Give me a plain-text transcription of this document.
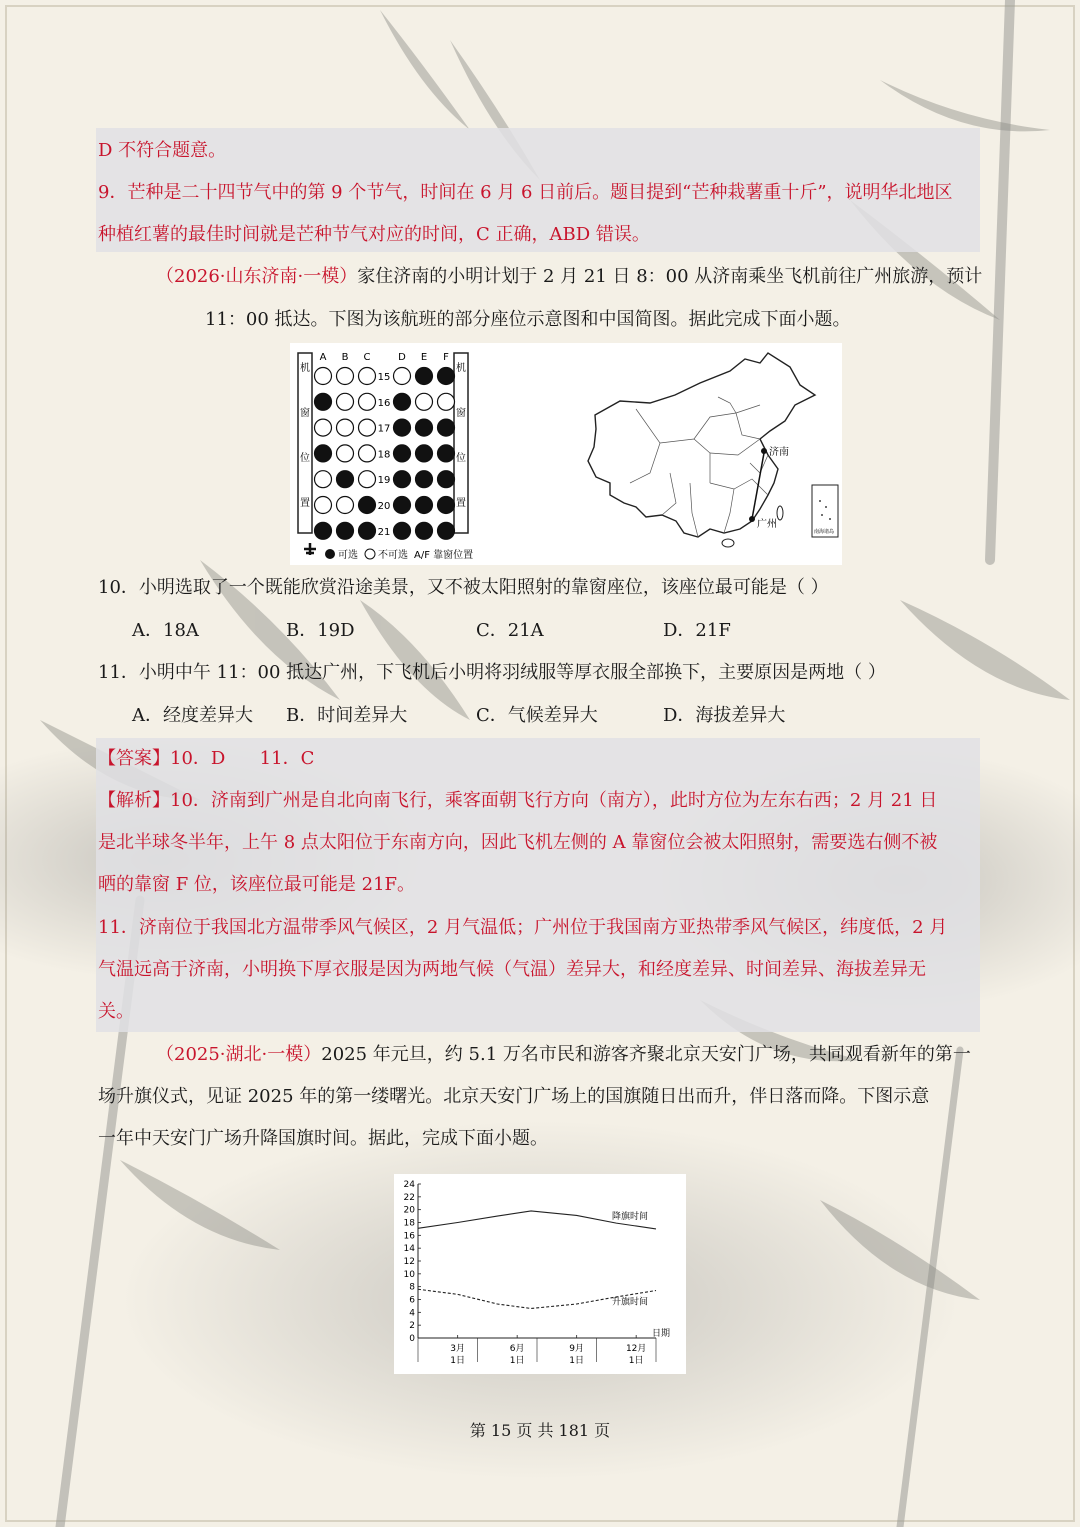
D 不符合题意。
9．芒种是二十四节气中的第 9 个节气，时间在 6 月 6 日前后。题目提到“芒种栽薯重十斤”，说明华北地区
种植红薯的最佳时间就是芒种节气对应的时间，C 正确，ABD 错误。
（2026·山东济南·一模）家住济南的小明计划于 2 月 21 日 8：00 从济南乘坐飞机前往广州旅游，预计
11：00 抵达。下图为该航班的部分座位示意图和中国简图。据此完成下面小题。
A B C	D E F
15
16
17
18
19
20
21
机	机
窗	窗
位	位
置	置
可选 不可选 A/F 靠窗位置
济南
广州
南海诸岛
10．小明选取了一个既能欣赏沿途美景，又不被太阳照射的靠窗座位，该座位最可能是（ ）
A．18A	B．19D	C．21A	D．21F
11．小明中午 11：00 抵达广州，下飞机后小明将羽绒服等厚衣服全部换下，主要原因是两地（ ）
A．经度差异大 B．时间差异大	C．气候差异大	D．海拔差异大
【答案】10．D      11．C
【解析】10．济南到广州是自北向南飞行，乘客面朝飞行方向（南方），此时方位为左东右西；2 月 21 日
是北半球冬半年，上午 8 点太阳位于东南方向，因此飞机左侧的 A 靠窗位会被太阳照射，需要选右侧不被
晒的靠窗 F 位，该座位最可能是 21F。
11．济南位于我国北方温带季风气候区，2 月气温低；广州位于我国南方亚热带季风气候区，纬度低，2 月
气温远高于济南，小明换下厚衣服是因为两地气候（气温）差异大，和经度差异、时间差异、海拔差异无
关。
（2025·湖北·一模）2025 年元旦，约 5.1 万名市民和游客齐聚北京天安门广场，共同观看新年的第一
场升旗仪式，见证 2025 年的第一缕曙光。北京天安门广场上的国旗随日出而升，伴日落而降。下图示意
一年中天安门广场升降国旗时间。据此，完成下面小题。
0
2
4
6
8
10
12
14
16
18
20
22
24
3月
1日
6月
1日
9月
1日
12月
1日
日期
降旗时间
升旗时间
第 15 页 共 181 页
